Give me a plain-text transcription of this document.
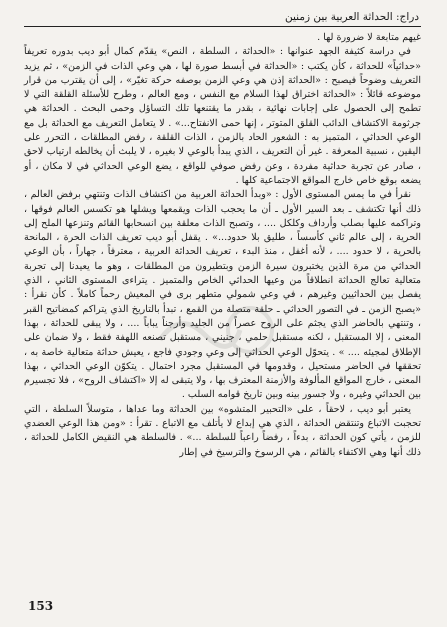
دراج: الحداثة العربية بين زمنين

غيهم متابعة لا ضرورة لها .

في دراسة كثيفة الجهد عنوانها : «الحداثة ، السلطة ، النص» يقدّم كمال أبو ديب بدوره تعريفاً «حداثياً» للحداثة ، كأن يكتب : «الحداثة في أبسط صورة لها ، هي وعي الذات في الزمن» ، ثم يزيد التعريف وضوحاً فيصبح : «الحداثة إذن هي وعي الزمن بوصفه حركة تغيّر» ، إلى أن يقترب من قرار موضوعه قائلاً : «الحداثة اختراق لهذا السلام مع النفس ، ومع العالم ، وطرح للأسئلة القلقة التي لا تطمح إلى الحصول على إجابات نهائية ، بقدر ما يقتنعها تلك التساؤل وحمى البحث . الحداثة هي جرثومة الاكتشاف الدائب القلق المتوتر ، إنها حمى الانفتاح...» . لا يتعامل التعريف مع الحداثة بل مع الوعي الحداثي ، المتميز به : الشعور الحاد بالزمن ، الذات القلقة ، رفض المطلقات ، التحرر على اليقين ، نسبية المعرفة . غير أن التعريف ، الذي يبدأ بالوعي لا بغيره ، لا يلبث أن يخالطه ارتياب لاحق ، صادر عن تجربة حداثية مفردة ، وعن رفض صوفي للواقع ، يضع الوعي الحداثي في لا مكان ، أو يضعه بوقع خاص خارج المواقع الاجتماعية كلها .

نقرأ في ما يمس المستوى الأول : «وبدأ الحداثة العربية من اكتشاف الذات وتنتهي برفض العالم ، ذلك أنها تكتشف ـ بعد السير الأول ـ أن ما يحجب الذات ويقمعها ويشلها هو تكسس العالم فوقها ، وتراكمه عليها بصلب وأرداف وكلكل .... ، وتصبح الذات معلقة بين انسحابها القائم وتنزعها الملح إلى الحرية ، إلى عالم ثاني كأسساً ، طليق بلا حدود...» . يقفل أبو ديب تعريف الذات الحرة ، المانحة بالحرية ، لا حدود .... ، لأنه أغفل ، منذ البدء ، تعريف الحداثة العربية ، معترفاً ، جهاراً ، بأن الوعي الحداثي من مرة الذين يختبرون سيرة الزمن وبتطيرون من المطلقات ، وهو ما يعيدنا إلى تجربة متعالية تعالج الحداثة انطلاقاً من وعيها الحداثي الخاص والمتميز . يتراءى المستوى الثاني ، الذي يفصل بين الحداثيين وغيرهم ، في وعي شمولي متطهر برى في المعيش رحماً كاملاً . كأن نقرأ : «يصبح الزمن ـ في التصور الحداثي ـ حلقة متصلة من القمع ، تبدأ بالتاريخ الذي يتراكم كمضاتيح القبر ، وتنتهي بالحاضر الذي يجثم على الروح عصراً من الجليد وأرجناً يباباً .... ، ولا يبقى للحداثة ، بهذا المعنى ، إلا المستقبل ، لكنه مستقبل حلمي ، جنيني ، مستقبل تصنعه اللهفة فقط ، ولا ضمان على الإطلاق لمجيئه .... » . يتحوّل الوعي الحداثي إلى وعي وجودي فاجع ، يعيش حداثة متعالية خاصة به ، تحققها في الحاضر مستحيل ، وقدومها في المستقبل مجرد احتمال . يتكوّن الوعي الحداثي ، بهذا المعنى ، خارج المواقع المألوفة والأزمنة المعترف بها ، ولا يتبقى له إلا «اكتشاف الروح» ، فلا تجسيرم بين الحداثي وغيره ، ولا جسور بينه وبين تاريخ قوامه السلب .

يعتبر أبو ديب ، لاحقاً ، على «التحبير المتشوه» بين الحداثة وما عداها ، متوسلاً السلطة ، التي تحجبت الاتباع وتنتقض الحداثة ، الذي هي إبداع لا يأتلف مع الاتباع . تقرأ : «ومن هذا الوعي العضدي للزمن ، يأتي كون الحداثة ، بدءاً ، رفضاً راعباً للسلطة ...» . فالسلطة هي النقيض الكامل للحداثة ، ذلك أنها وهي الاكتفاء بالقائم ، هي الرسوخ والترسيخ في إطار

153
